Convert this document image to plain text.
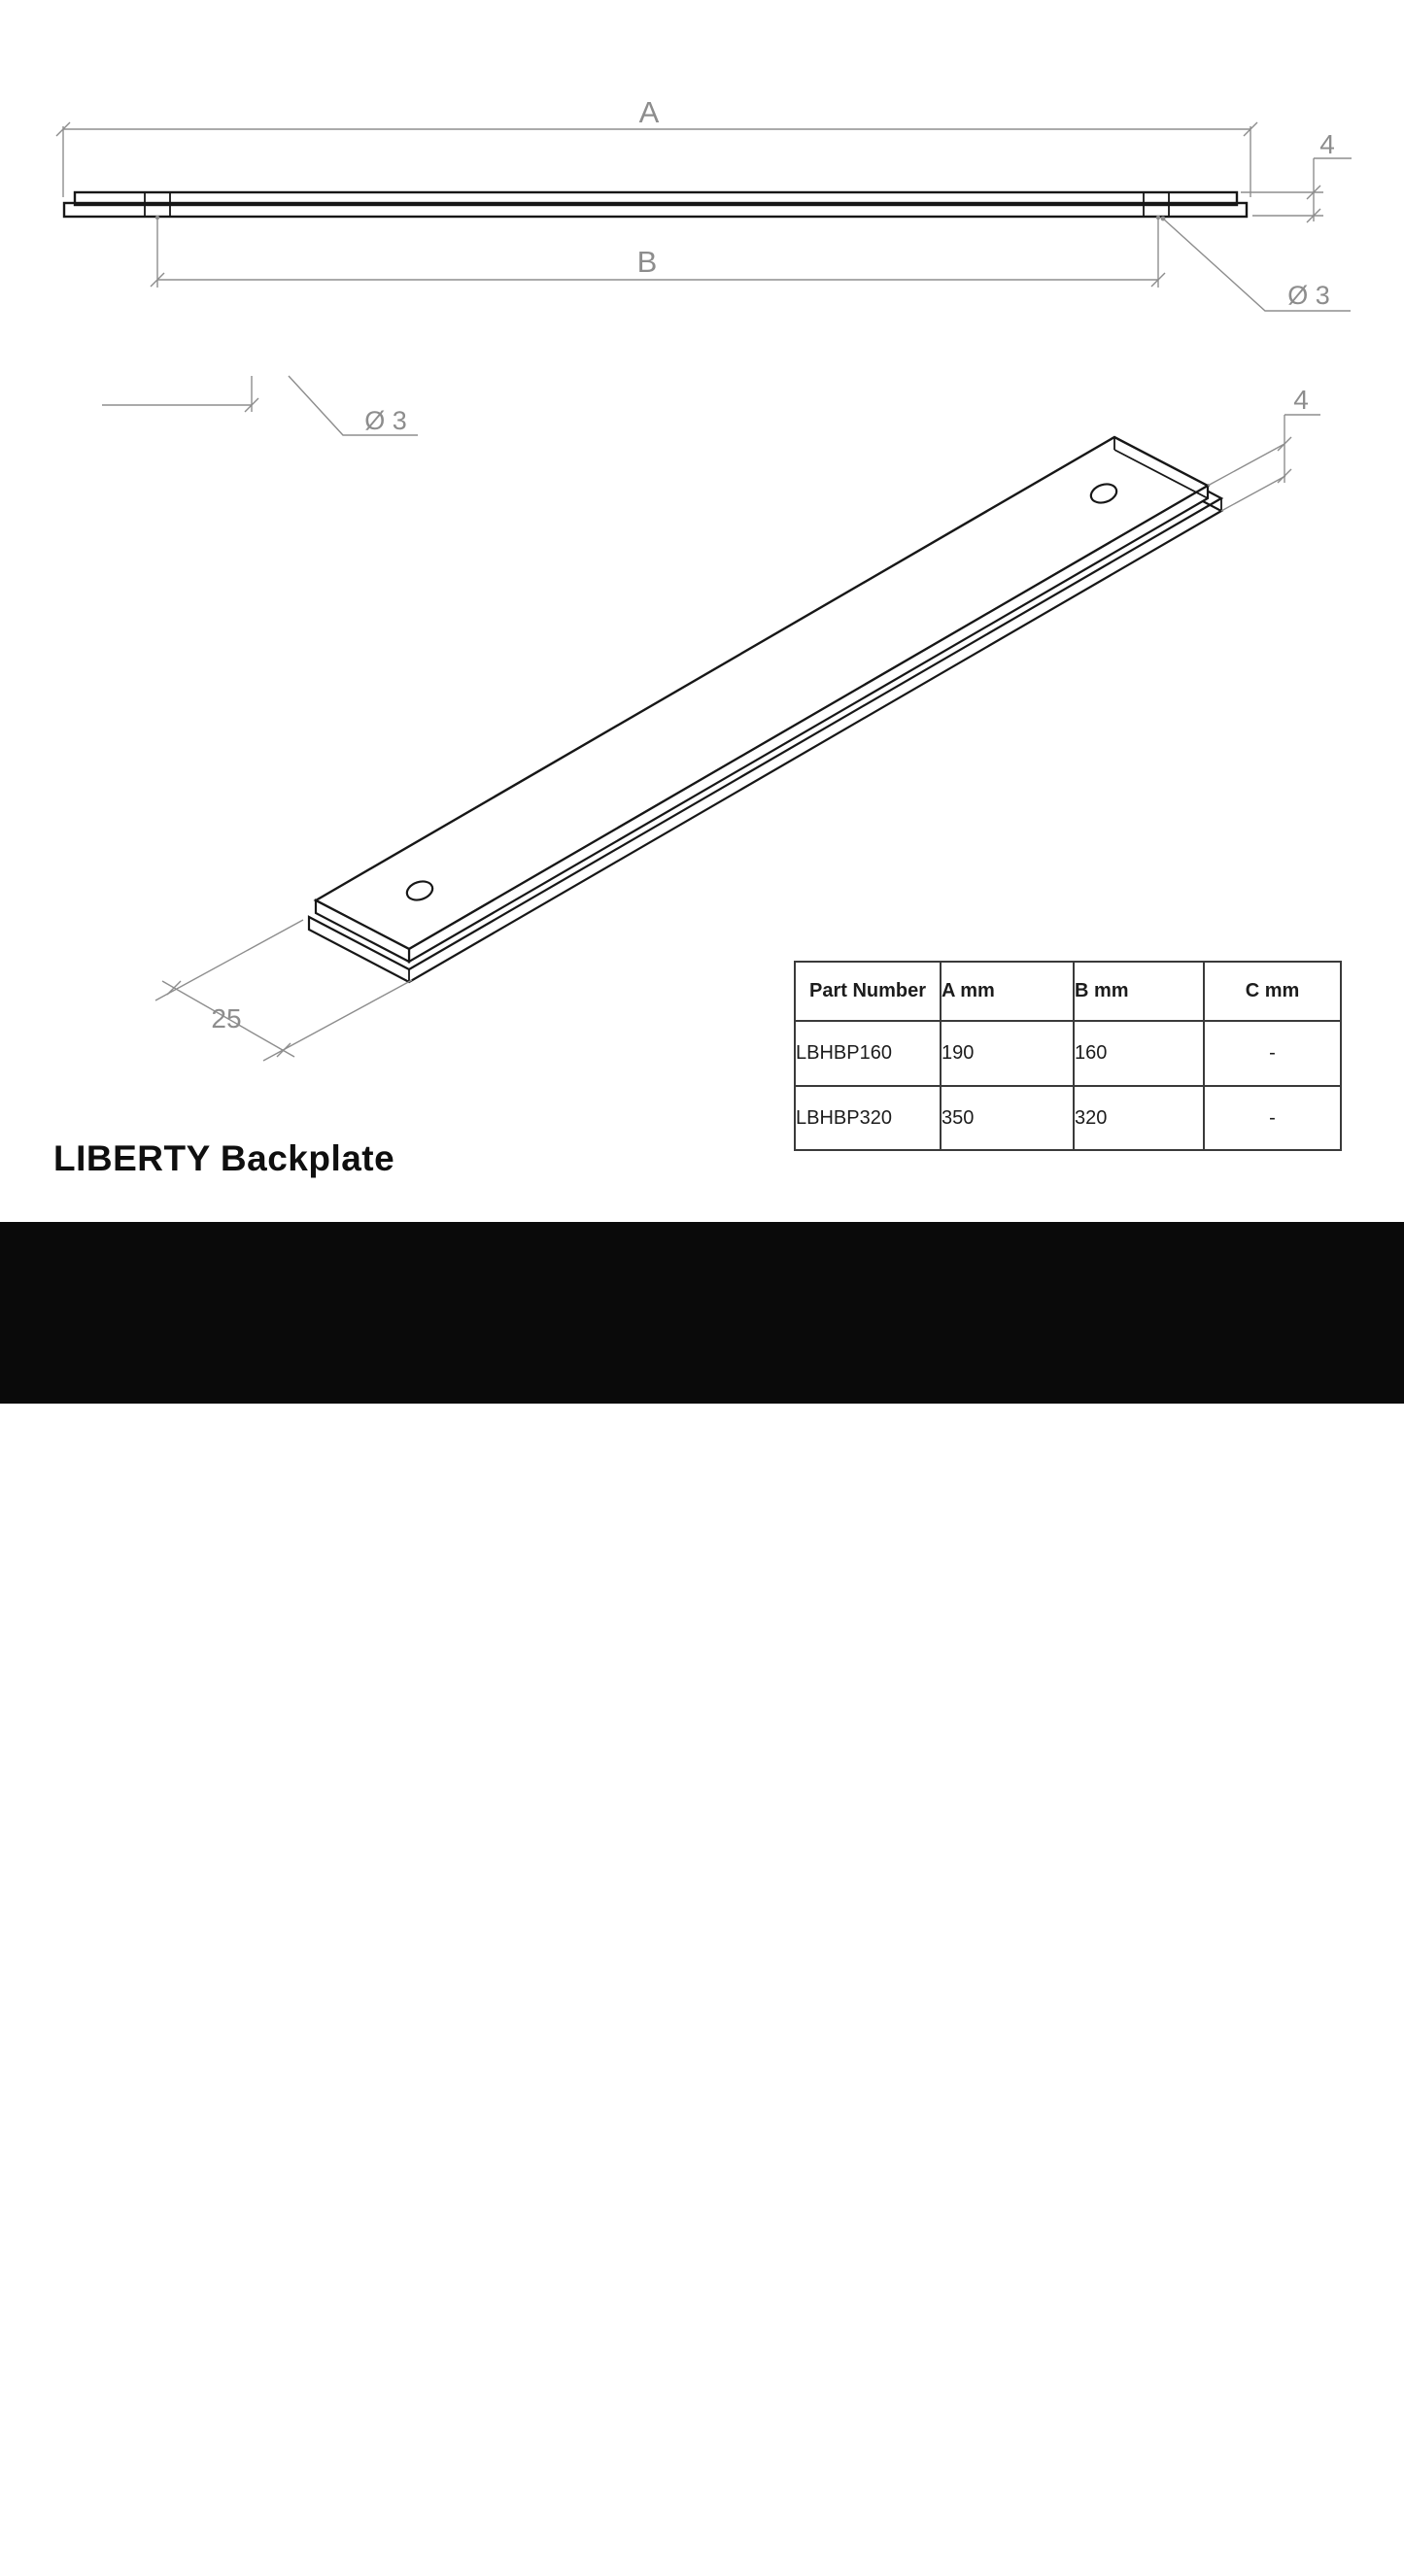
A
B
4
Ø 3
Ø 3
4
25
Part Number	A mm	B mm	C mm
LBHBP160	190	160	-
LBHBP320	350	320	-
LIBERTY Backplate
BUILDMAT
HANDLES
